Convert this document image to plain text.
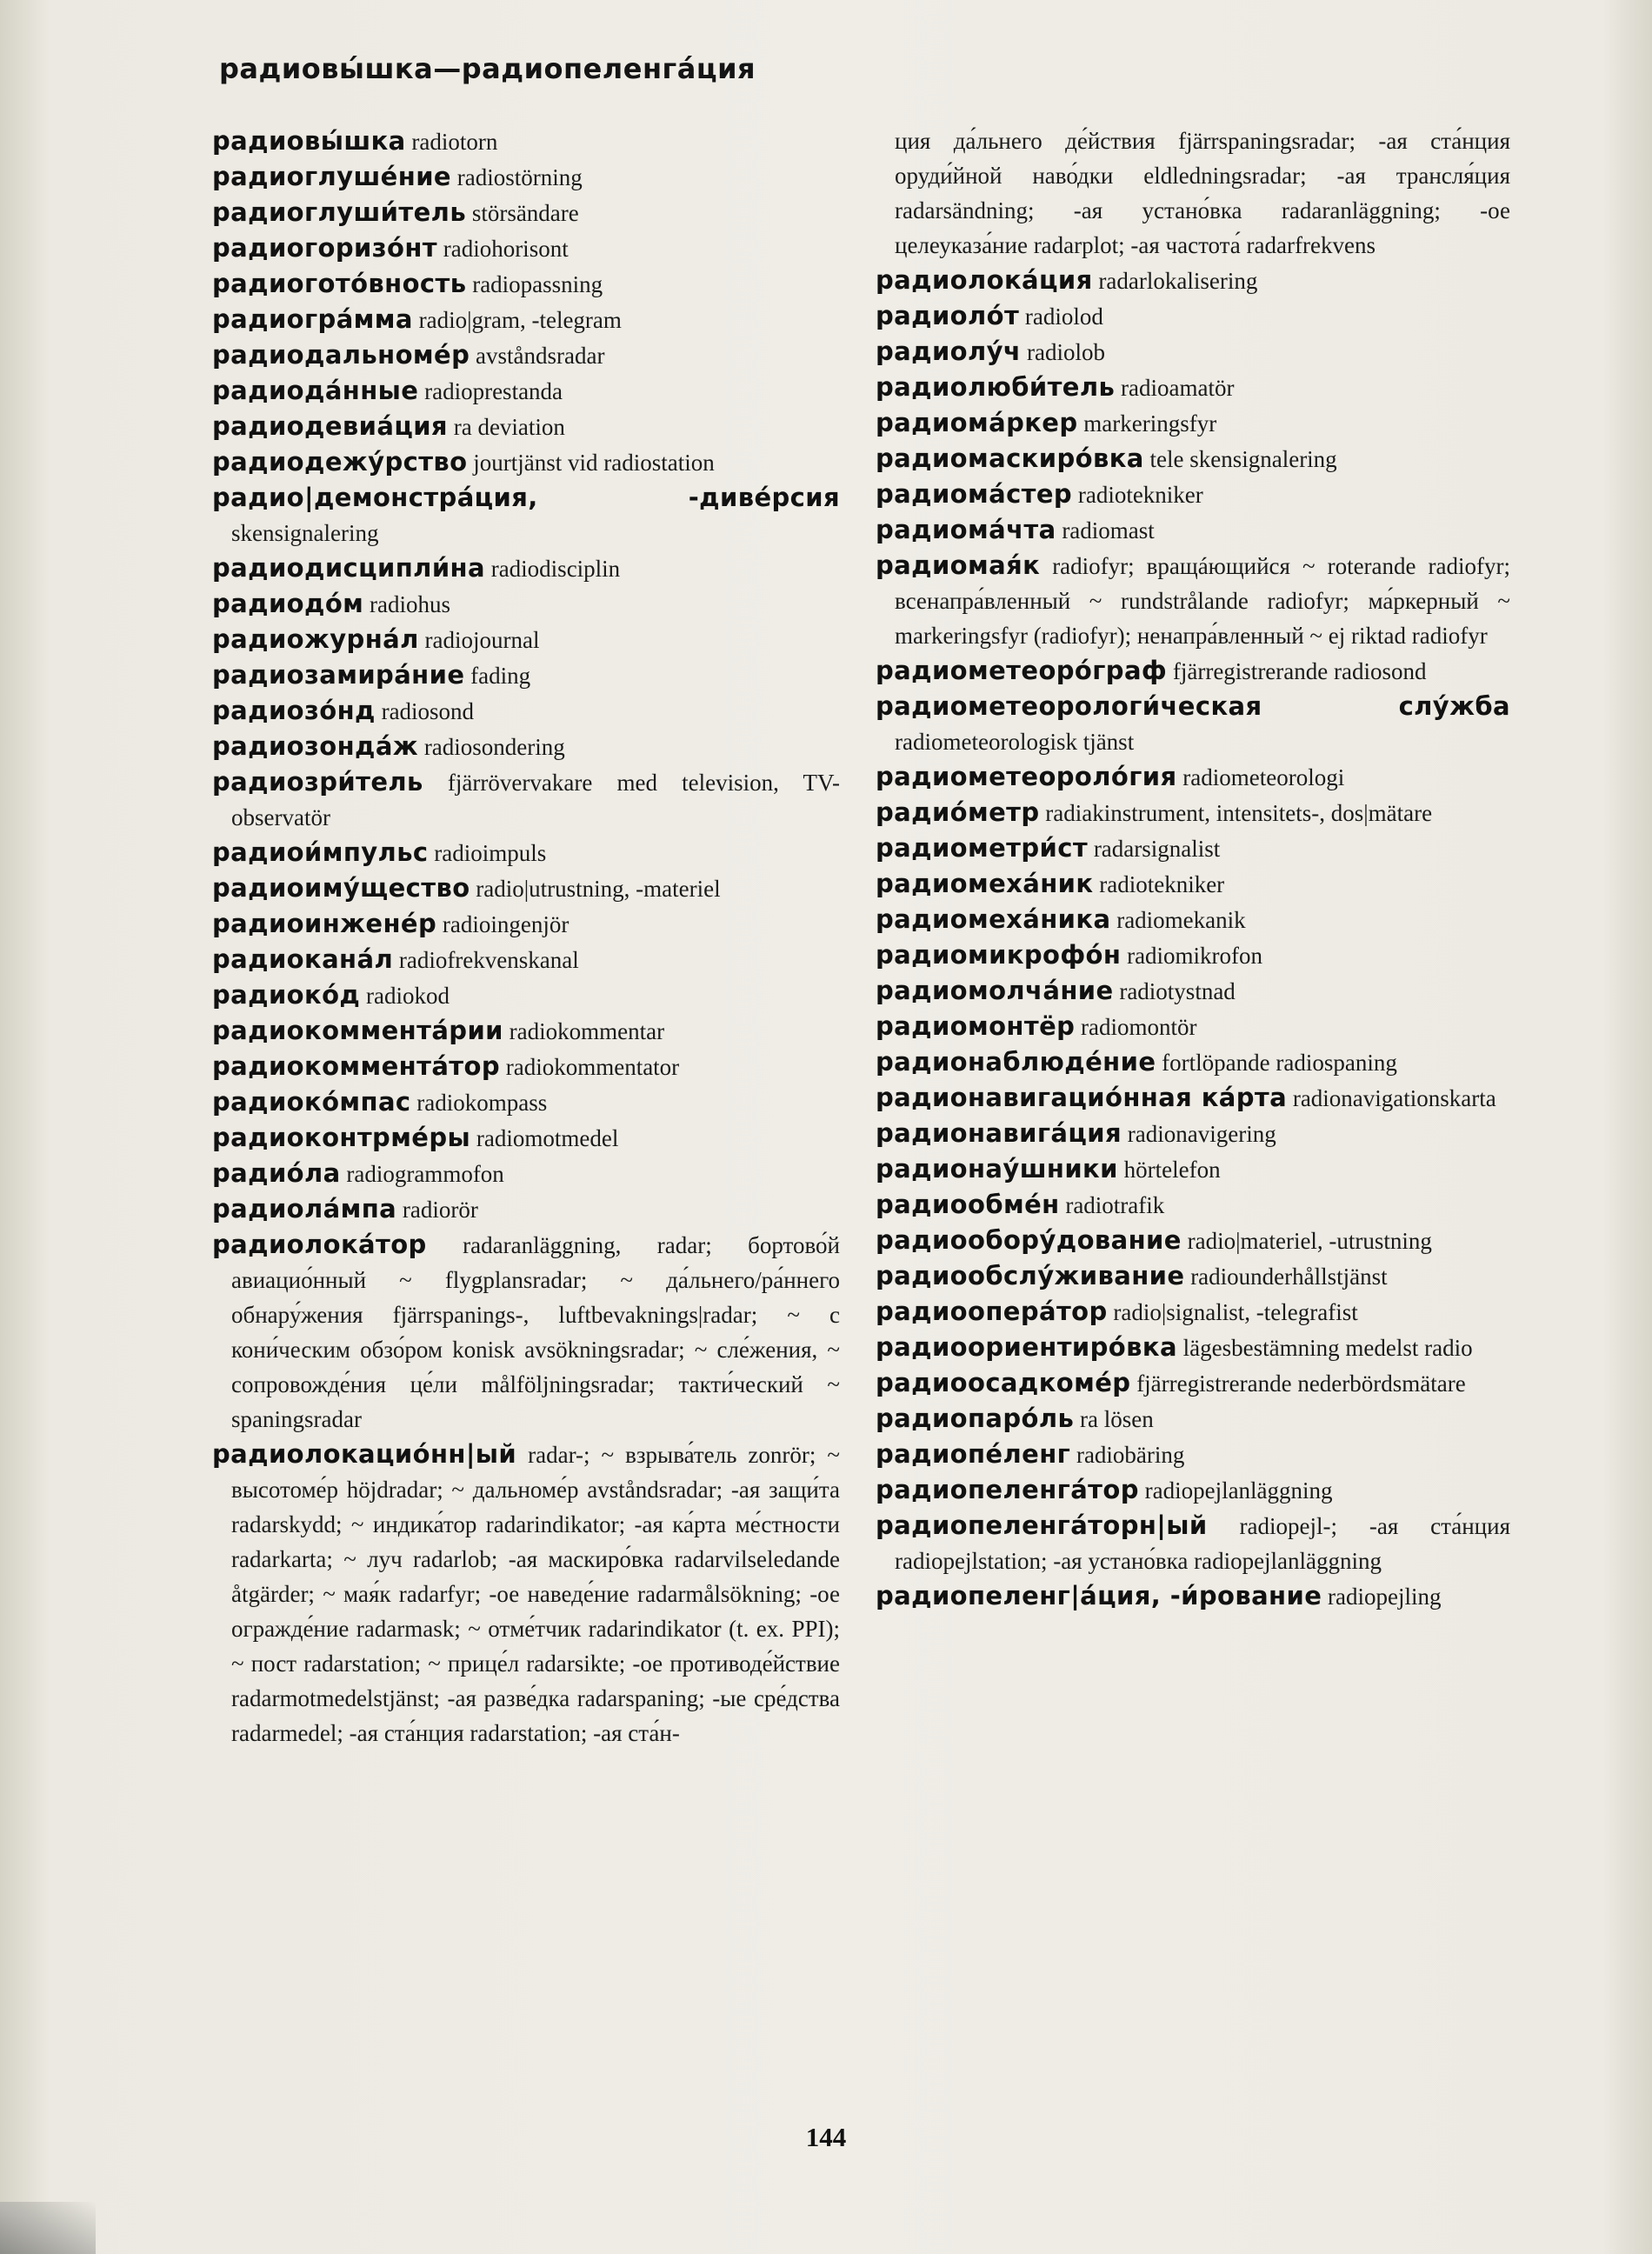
радиовы́шка—радиопеленга́ция
радиовы́шка radiotorn
радиоглуше́ние radiostörning
радиоглуши́тель störsändare
радиогоризо́нт radiohorisont
радиогото́вность radiopassning
радиогра́мма radio|gram, -telegram
радиодальноме́р avståndsradar
радиода́нные radioprestanda
радиодевиа́ция ra deviation
радиодежу́рство jourtjänst vid radiostation
радио|демонстра́ция, -диве́рсия skensignalering
радиодисципли́на radiodisciplin
радиодо́м radiohus
радиожурна́л radiojournal
радиозамира́ние fading
радиозо́нд radiosond
радиозонда́ж radiosondering
радиозри́тель fjärrövervakare med television, TV-observatör
радиои́мпульс radioimpuls
радиоиму́щество radio|utrustning, -materiel
радиоинжене́р radioingenjör
радиокана́л radiofrekvenskanal
радиоко́д radiokod
радиокомментáрии radiokommentar
радиокомментáтор radiokommentator
радиоко́мпас radiokompass
радиоконтрме́ры radiomotmedel
радио́ла radiogrammofon
радиола́мпа radiorör
радиолокáтор radaranläggning, radar; бортово́й авиацио́нный ~ flygplansradar; ~ да́льнего/ра́ннего обнару́жения fjärrspanings-, luftbevaknings|radar; ~ с кони́ческим обзо́ром konisk avsökningsradar; ~ сле́жения, ~ сопровожде́ния це́ли målföljningsradar; такти́ческий ~ spaningsradar
радиолокацио́нн|ый radar-; ~ взрыва́тель zonrör; ~ высотоме́р höjdradar; ~ дальноме́р avståndsradar; -ая защи́та radarskydd; ~ индика́тор radarindikator; -ая ка́рта ме́стности radarkarta; ~ луч radarlob; -ая маскиро́вка radarvilseledande åtgärder; ~ мая́к radarfyr; -ое наведе́ние radarmålsökning; -ое огражде́ние radarmask; ~ отме́тчик radarindikator (t. ex. PPI); ~ пост radarstation; ~ прице́л radarsikte; -ое противоде́йствие radarmotmedelstjänst; -ая разве́дка radarspaning; -ые сре́дства radarmedel; -ая ста́нция radarstation; -ая ста́н-
ция да́льнего де́йствия fjärrspaningsradar; -ая ста́нция оруди́йной наво́дки eldledningsradar; -ая трансля́ция radarsändning; -ая устано́вка radaranläggning; -ое целеуказа́ние radarplot; -ая частота́ radarfrekvens
радиолока́ция radarlokalisering
радиоло́т radiolod
радиолу́ч radiolob
радиолюби́тель radioamatör
радиома́ркер markeringsfyr
радиомаскиро́вка tele skensignalering
радиома́стер radiotekniker
радиома́чта radiomast
радиомая́к radiofyr; вращáющийся ~ roterande radiofyr; всенапра́вленный ~ rundstrålande radiofyr; ма́ркерный ~ markeringsfyr (radiofyr); ненапра́вленный ~ ej riktad radiofyr
радиометеоро́граф fjärregistrerande radiosond
радиометеорологи́ческая слу́жба radiometeorologisk tjänst
радиометеороло́гия radiometeorologi
радио́метр radiakinstrument, intensitets-, dos|mätare
радиометри́ст radarsignalist
радиомеха́ник radiotekniker
радиомеха́ника radiomekanik
радиомикрофо́н radiomikrofon
радиомолча́ние radiotystnad
радиомонтёр radiomontör
радионаблюде́ние fortlöpande radiospaning
радионавигацио́нная ка́рта radionavigationskarta
радионавига́ция radionavigering
радионау́шники hörtelefon
радиообме́н radiotrafik
радиообору́дование radio|materiel, -utrustning
радиообслу́живание radiounderhållstjänst
радиоопера́тор radio|signalist, -telegrafist
радиоориентиро́вка lägesbestämning medelst radio
радиоосадкоме́р fjärregistrerande nederbördsmätare
радиопаро́ль ra lösen
радиопе́ленг radiobäring
радиопеленга́тор radiopejlanläggning
радиопеленга́торн|ый radiopejl-; -ая ста́нция radiopejlstation; -ая устано́вка radiopejlanläggning
радиопеленг|а́ция, -и́рование radiopejling
144
